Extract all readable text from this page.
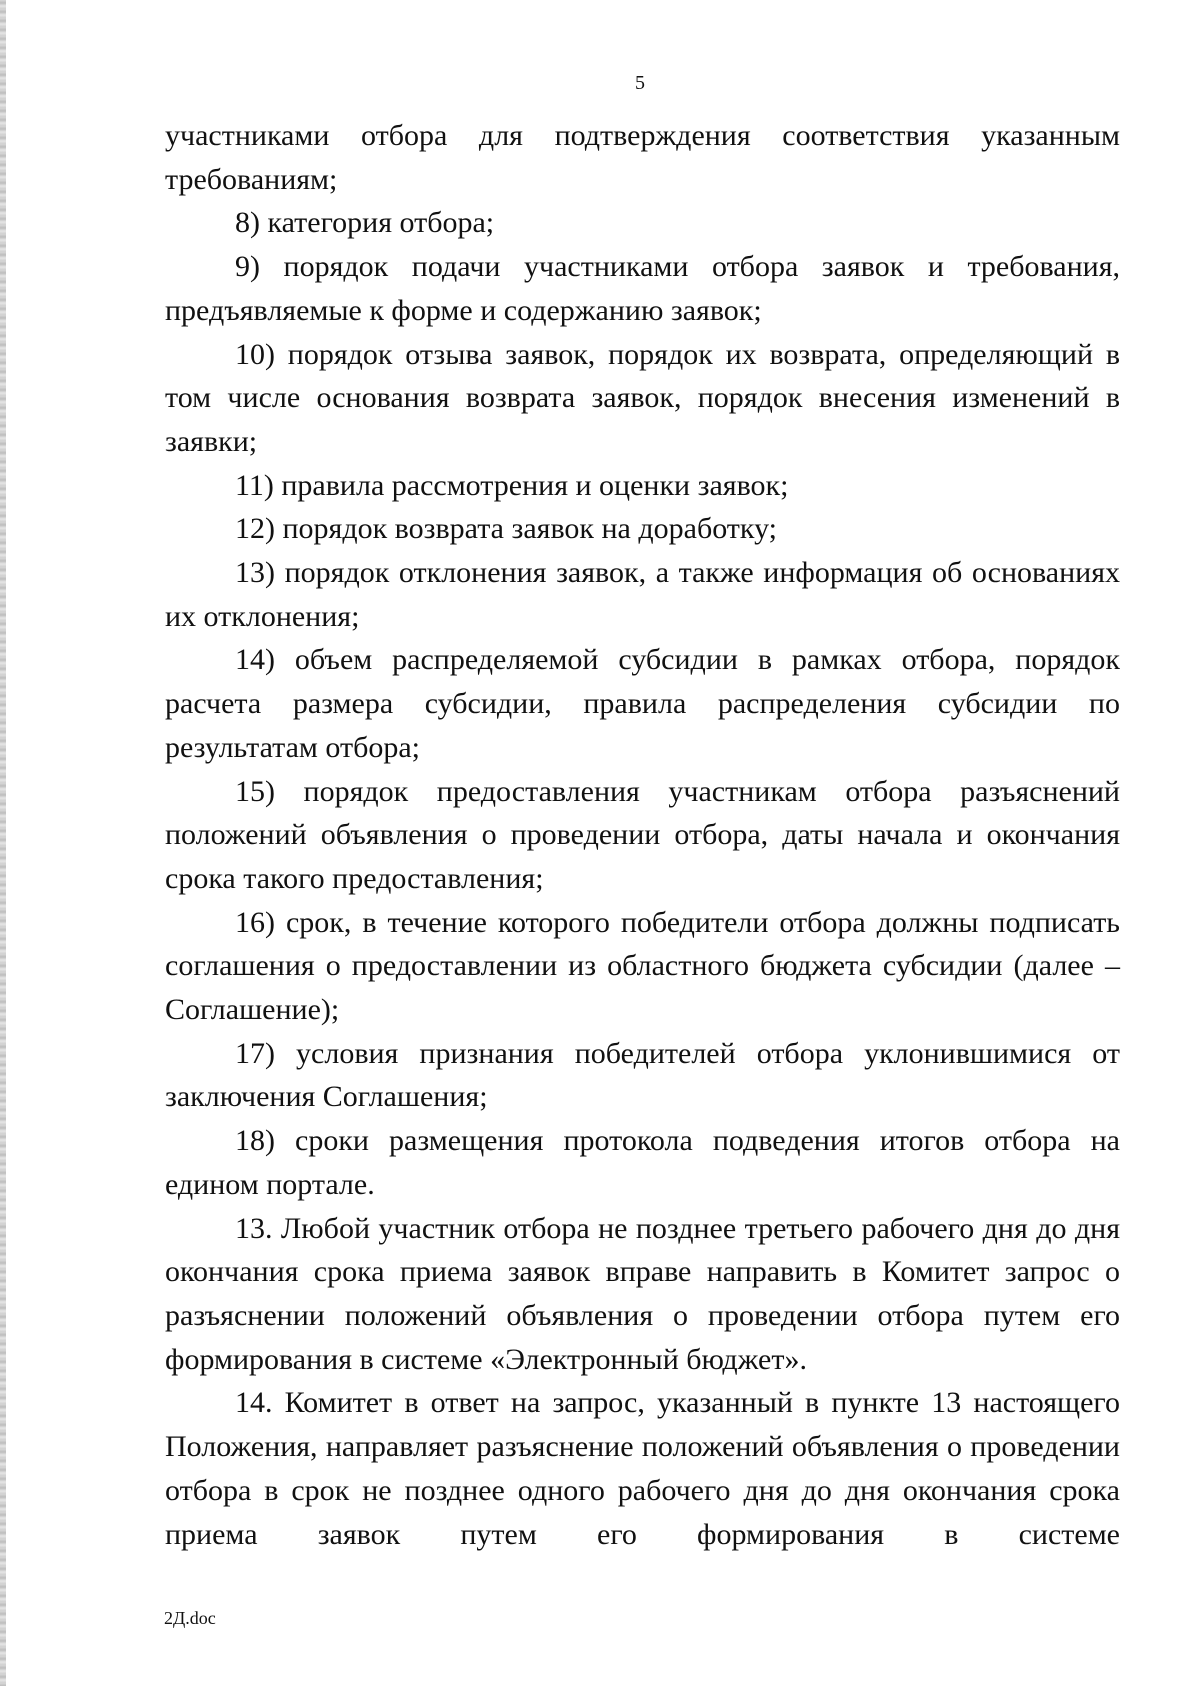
5

участниками отбора для подтверждения соответствия указанным требованиям;

8) категория отбора;

9) порядок подачи участниками отбора заявок и требования, предъявляемые к форме и содержанию заявок;

10) порядок отзыва заявок, порядок их возврата, определяющий в том числе основания возврата заявок, порядок внесения изменений в заявки;

11) правила рассмотрения и оценки заявок;

12) порядок возврата заявок на доработку;

13) порядок отклонения заявок, а также информация об основаниях их отклонения;

14) объем распределяемой субсидии в рамках отбора, порядок расчета размера субсидии, правила распределения субсидии по результатам отбора;

15) порядок предоставления участникам отбора разъяснений положений объявления о проведении отбора, даты начала и окончания срока такого предоставления;

16) срок, в течение которого победители отбора должны подписать соглашения о предоставлении из областного бюджета субсидии (далее – Соглашение);

17) условия признания победителей отбора уклонившимися от заключения Соглашения;

18) сроки размещения протокола подведения итогов отбора на едином портале.

13. Любой участник отбора не позднее третьего рабочего дня до дня окончания срока приема заявок вправе направить в Комитет запрос о разъяснении положений объявления о проведении отбора путем его формирования в системе «Электронный бюджет».

14. Комитет в ответ на запрос, указанный в пункте 13 настоящего Положения, направляет разъяснение положений объявления о проведении отбора в срок не позднее одного рабочего дня до дня окончания срока приема заявок путем его формирования в системе

2Д.doc
